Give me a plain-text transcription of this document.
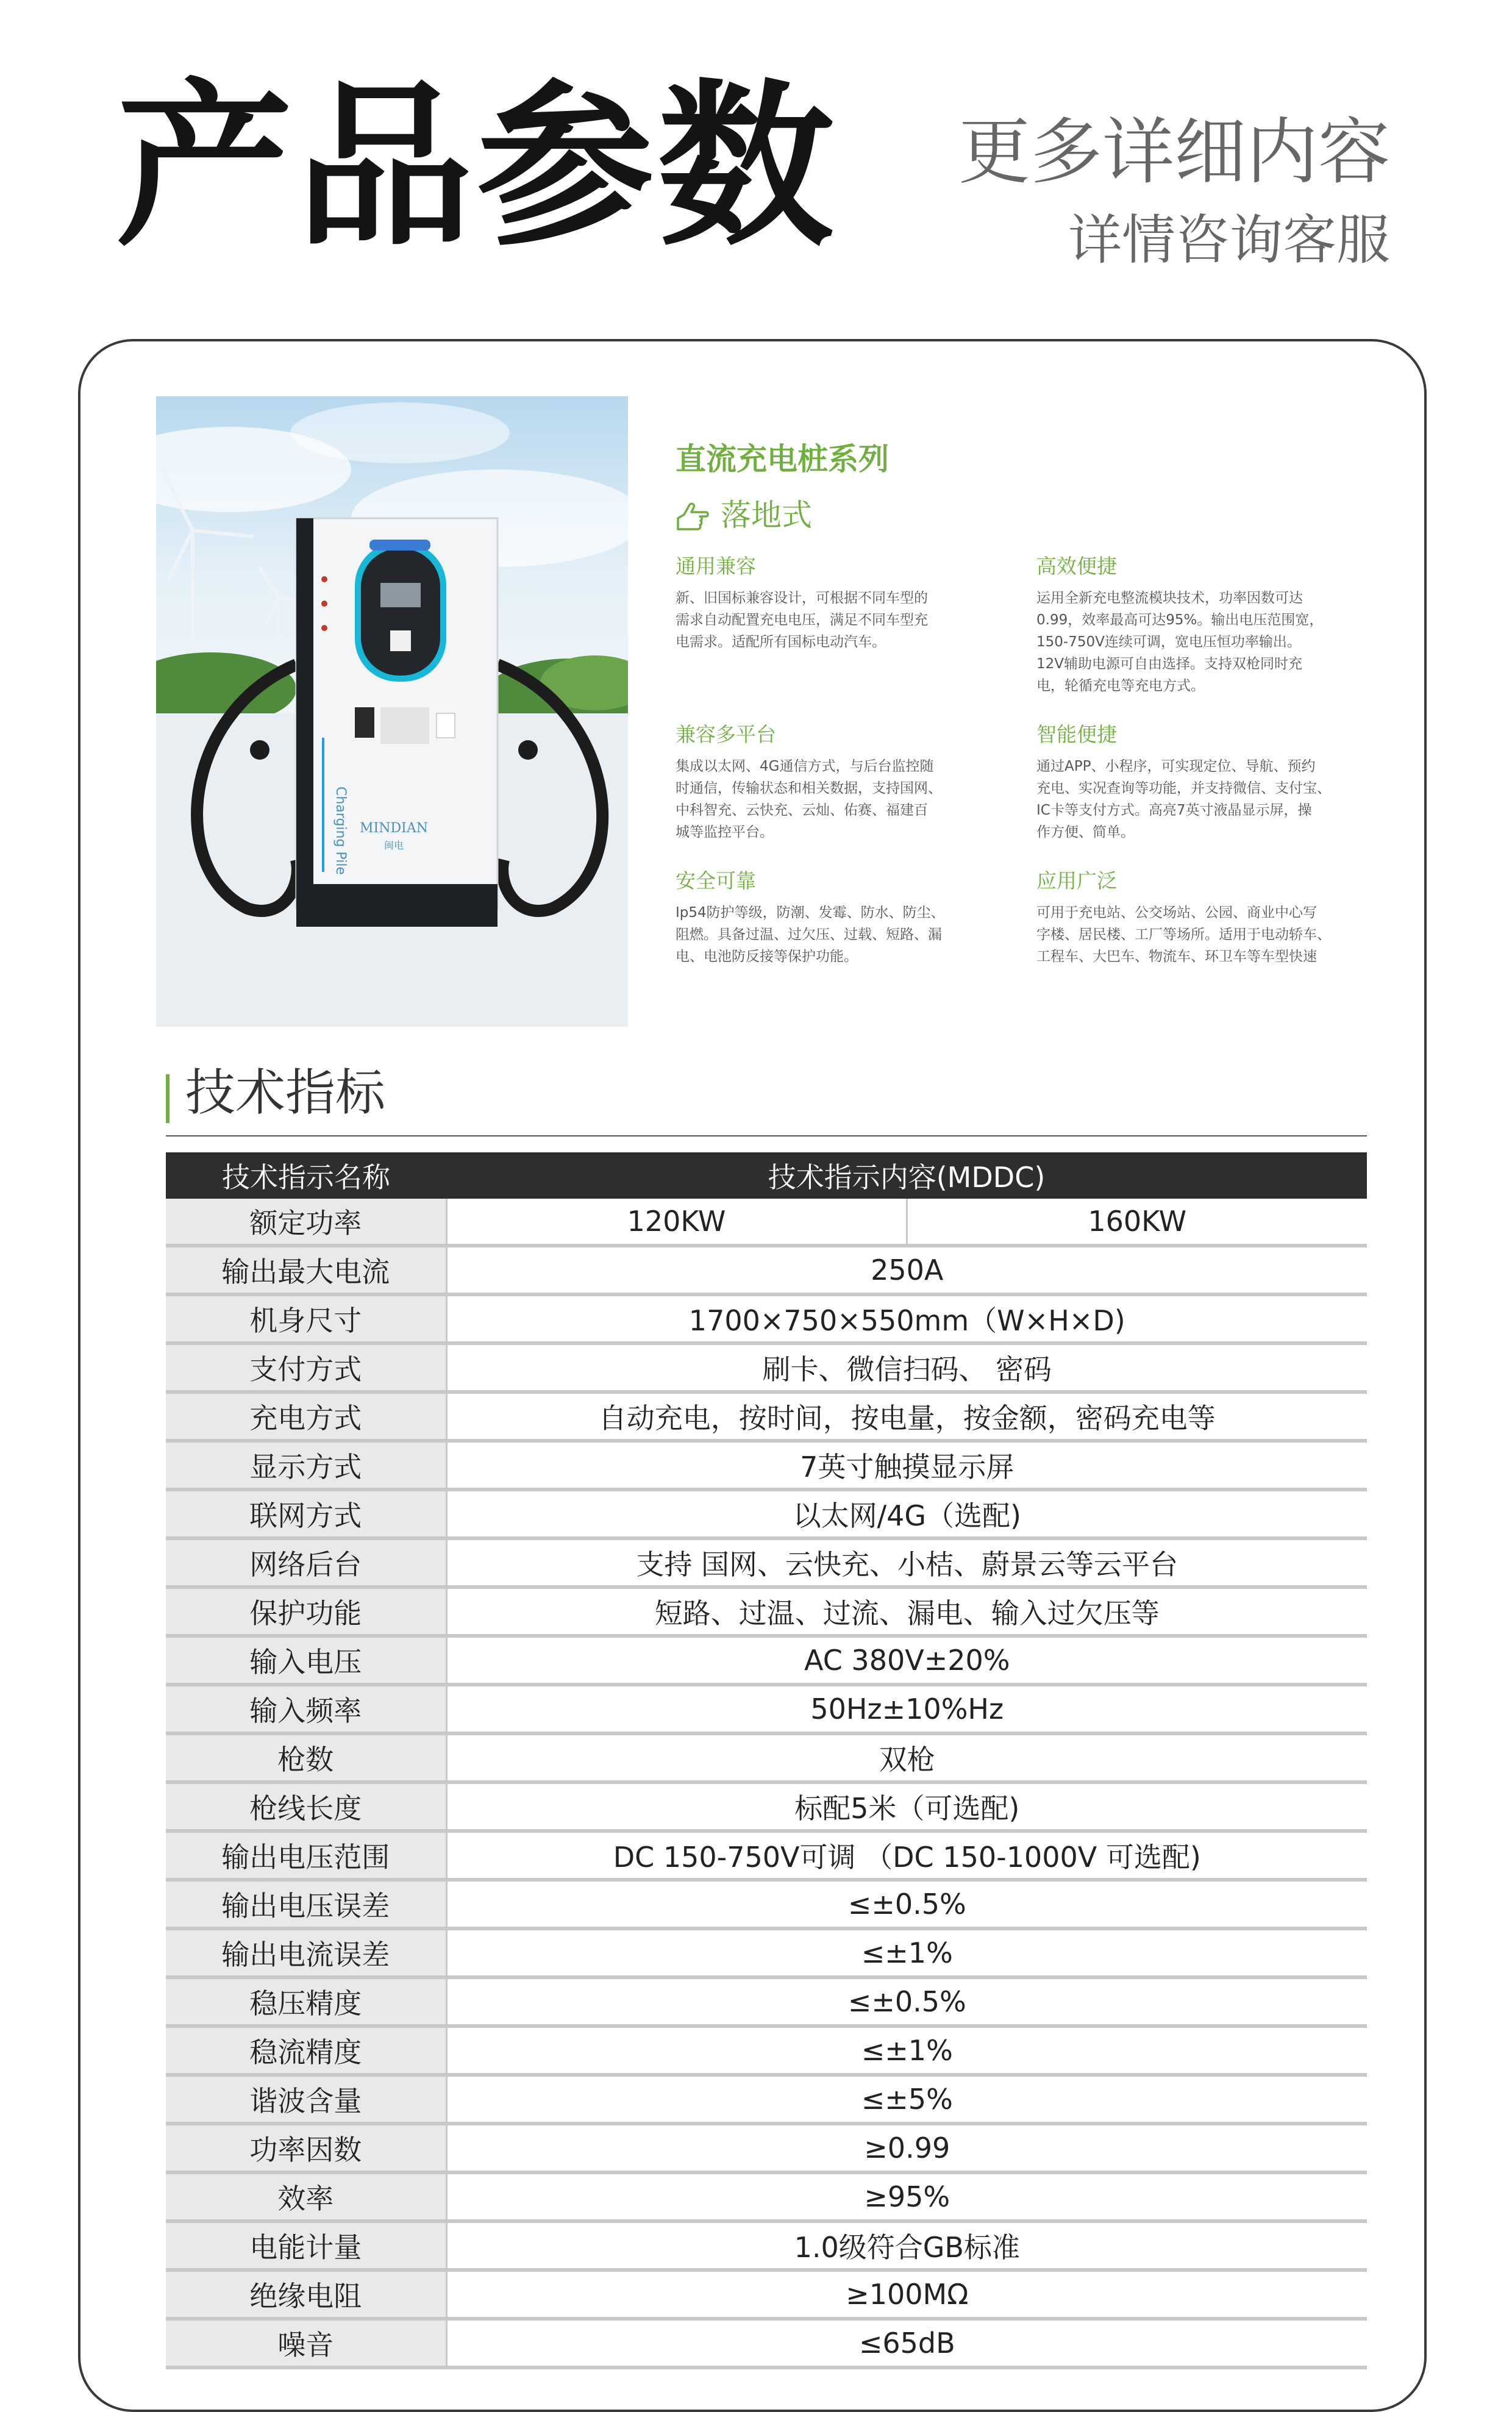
产品参数 更多详细内容
详情咨询客服
MINDIAN
闽电
Charging Pile
直流充电桩系列
落地式
通用兼容

新、旧国标兼容设计，可根据不同车型的
需求自动配置充电电压，满足不同车型充
电需求。适配所有国标电动汽车。

高效便捷

运用全新充电整流模块技术，功率因数可达
0.99，效率最高可达95%。输出电压范围宽，
150-750V连续可调，宽电压恒功率输出。
12V辅助电源可自由选择。支持双枪同时充
电，轮循充电等充电方式。

兼容多平台

集成以太网、4G通信方式，与后台监控随
时通信，传输状态和相关数据，支持国网、
中科智充、云快充、云灿、佑赛、福建百
城等监控平台。

智能便捷

通过APP、小程序，可实现定位、导航、预约
充电、实况查询等功能，并支持微信、支付宝、
IC卡等支付方式。高亮7英寸液晶显示屏，操
作方便、简单。

安全可靠

Ip54防护等级，防潮、发霉、防水、防尘、
阻燃。具备过温、过欠压、过载、短路、漏
电、电池防反接等保护功能。

应用广泛

可用于充电站、公交场站、公园、商业中心写
字楼、居民楼、工厂等场所。适用于电动轿车、
工程车、大巴车、物流车、环卫车等车型快速

技术指标
技术指示名称	技术指示内容(MDDC)	
额定功率	120KW	160KW
输出最大电流	250A	
机身尺寸	1700×750×550mm（W×H×D)	
支付方式	刷卡、微信扫码、 密码	
充电方式	自动充电，按时间，按电量，按金额，密码充电等	
显示方式	7英寸触摸显示屏	
联网方式	以太网/4G（选配)	
网络后台	支持 国网、云快充、小桔、蔚景云等云平台	
保护功能	短路、过温、过流、漏电、输入过欠压等	
输入电压	AC 380V±20%	
输入频率	50Hz±10%Hz	
枪数	双枪	
枪线长度	标配5米（可选配)	
输出电压范围	DC 150-750V可调 （DC 150-1000V 可选配)	
输出电压误差	≤±0.5%	
输出电流误差	≤±1%	
稳压精度	≤±0.5%	
稳流精度	≤±1%	
谐波含量	≤±5%	
功率因数	≥0.99	
效率	≥95%	
电能计量	1.0级符合GB标准	
绝缘电阻	≥100MΩ	
噪音	≤65dB	
